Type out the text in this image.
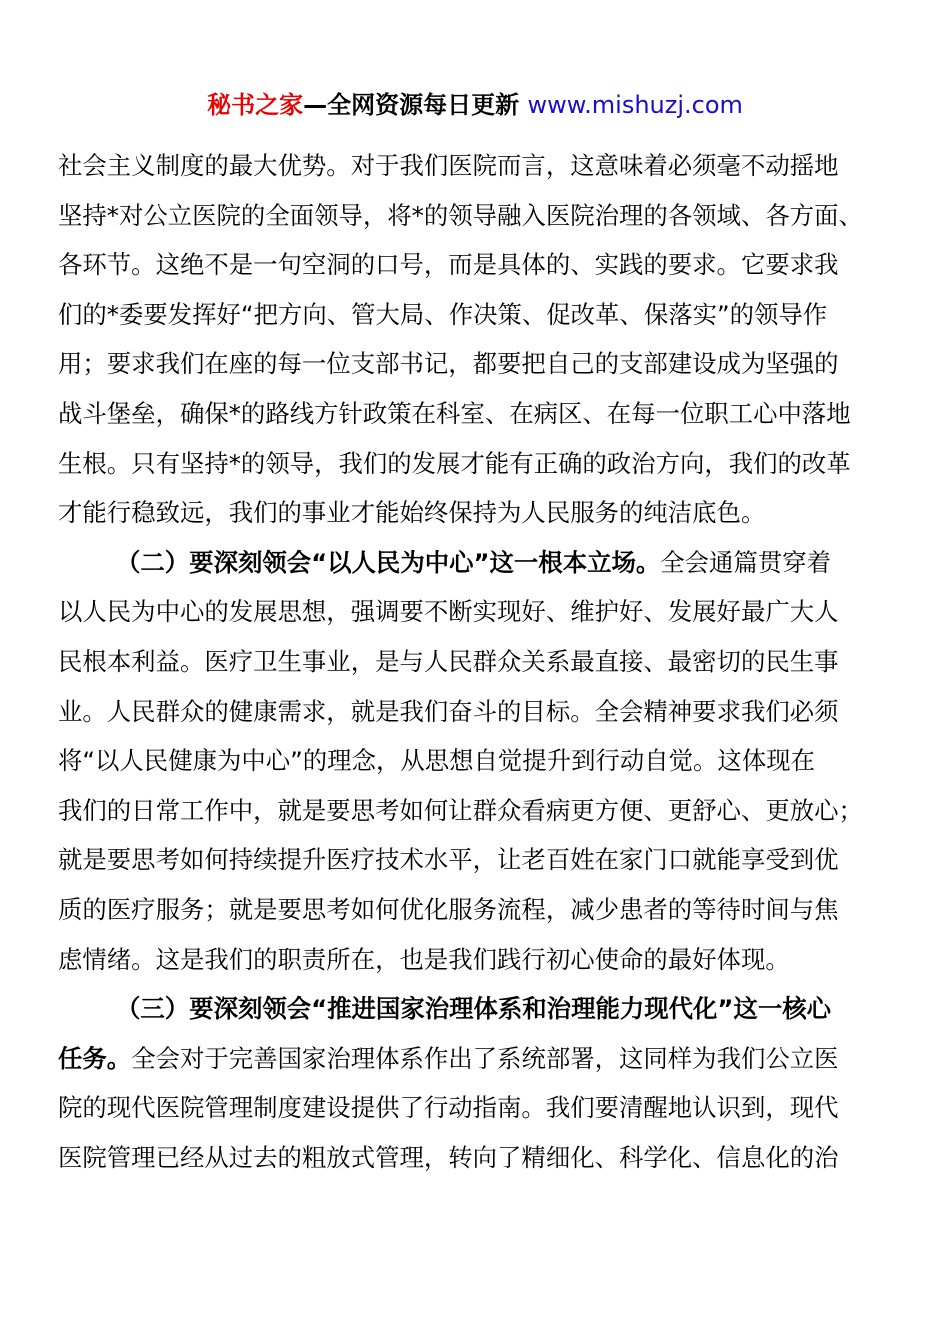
秘书之家—全网资源每日更新 www.mishuzj.com
社会主义制度的最大优势。对于我们医院而言，这意味着必须毫不动摇地
坚持*对公立医院的全面领导，将*的领导融入医院治理的各领域、各方面、
各环节。这绝不是一句空洞的口号，而是具体的、实践的要求。它要求我
们的*委要发挥好“把方向、管大局、作决策、促改革、保落实”的领导作
用；要求我们在座的每一位支部书记，都要把自己的支部建设成为坚强的
战斗堡垒，确保*的路线方针政策在科室、在病区、在每一位职工心中落地
生根。只有坚持*的领导，我们的发展才能有正确的政治方向，我们的改革
才能行稳致远，我们的事业才能始终保持为人民服务的纯洁底色。
（二）要深刻领会“以人民为中心”这一根本立场。全会通篇贯穿着
以人民为中心的发展思想，强调要不断实现好、维护好、发展好最广大人
民根本利益。医疗卫生事业，是与人民群众关系最直接、最密切的民生事
业。人民群众的健康需求，就是我们奋斗的目标。全会精神要求我们必须
将“以人民健康为中心”的理念，从思想自觉提升到行动自觉。这体现在
我们的日常工作中，就是要思考如何让群众看病更方便、更舒心、更放心；
就是要思考如何持续提升医疗技术水平，让老百姓在家门口就能享受到优
质的医疗服务；就是要思考如何优化服务流程，减少患者的等待时间与焦
虑情绪。这是我们的职责所在，也是我们践行初心使命的最好体现。
（三）要深刻领会“推进国家治理体系和治理能力现代化”这一核心
任务。全会对于完善国家治理体系作出了系统部署，这同样为我们公立医
院的现代医院管理制度建设提供了行动指南。我们要清醒地认识到，现代
医院管理已经从过去的粗放式管理，转向了精细化、科学化、信息化的治
